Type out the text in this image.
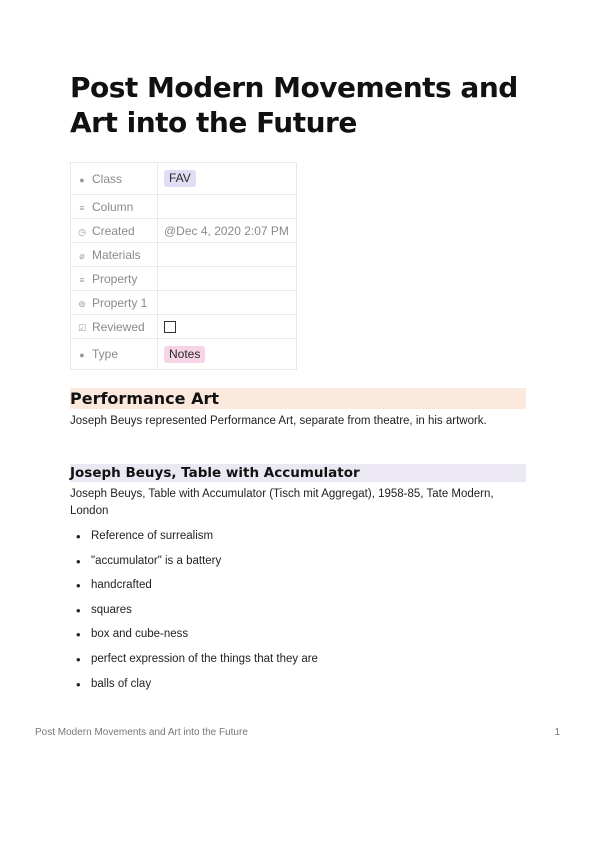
Post Modern Movements and Art into the Future
● Class	FAV
≡ Column	
◷ Created	@Dec 4, 2020 2:07 PM
⌀ Materials	
≡ Property	
⊚ Property 1	
☑ Reviewed	
● Type	Notes
Performance Art

Joseph Beuys represented Performance Art, separate from theatre, in his artwork.

Joseph Beuys, Table with Accumulator

Joseph Beuys, Table with Accumulator (Tisch mit Aggregat), 1958-85, Tate Modern, London

• Reference of surrealism
• "accumulator" is a battery
• handcrafted
• squares
• box and cube-ness
• perfect expression of the things that they are
• balls of clay
Post Modern Movements and Art into the Future	1
